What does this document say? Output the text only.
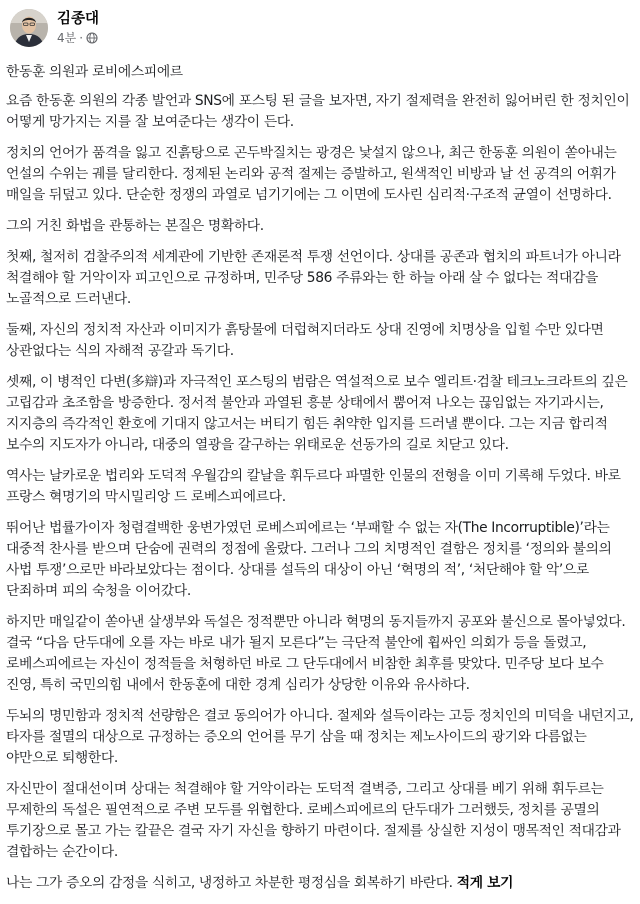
김종대
4분 ·

한동훈 의원과 로비에스피에르

요즘 한동훈 의원의 각종 발언과 SNS에 포스팅 된 글을 보자면, 자기 절제력을 완전히 잃어버린 한 정치인이 어떻게 망가지는 지를 잘 보여준다는 생각이 든다.

정치의 언어가 품격을 잃고 진흙탕으로 곤두박질치는 광경은 낯설지 않으나, 최근 한동훈 의원이 쏟아내는 언설의 수위는 궤를 달리한다. 정제된 논리와 공적 절제는 증발하고, 원색적인 비방과 날 선 공격의 어휘가 매일을 뒤덮고 있다. 단순한 정쟁의 과열로 넘기기에는 그 이면에 도사린 심리적·구조적 균열이 선명하다.

그의 거친 화법을 관통하는 본질은 명확하다.

첫째, 철저히 검찰주의적 세계관에 기반한 존재론적 투쟁 선언이다. 상대를 공존과 협치의 파트너가 아니라 척결해야 할 거악이자 피고인으로 규정하며, 민주당 586 주류와는 한 하늘 아래 살 수 없다는 적대감을 노골적으로 드러낸다.

둘째, 자신의 정치적 자산과 이미지가 흙탕물에 더럽혀지더라도 상대 진영에 치명상을 입힐 수만 있다면 상관없다는 식의 자해적 공갈과 독기다.

셋째, 이 병적인 다변(多辯)과 자극적인 포스팅의 범람은 역설적으로 보수 엘리트·검찰 테크노크라트의 깊은 고립감과 초조함을 방증한다. 정서적 불안과 과열된 흥분 상태에서 뿜어져 나오는 끊임없는 자기과시는, 지지층의 즉각적인 환호에 기대지 않고서는 버티기 힘든 취약한 입지를 드러낼 뿐이다. 그는 지금 합리적 보수의 지도자가 아니라, 대중의 열광을 갈구하는 위태로운 선동가의 길로 치닫고 있다.

역사는 날카로운 법리와 도덕적 우월감의 칼날을 휘두르다 파멸한 인물의 전형을 이미 기록해 두었다. 바로 프랑스 혁명기의 막시밀리앙 드 로베스피에르다.

뛰어난 법률가이자 청렴결백한 웅변가였던 로베스피에르는 ‘부패할 수 없는 자(The Incorruptible)’라는 대중적 찬사를 받으며 단숨에 권력의 정점에 올랐다. 그러나 그의 치명적인 결함은 정치를 ‘정의와 불의의 사법 투쟁’으로만 바라보았다는 점이다. 상대를 설득의 대상이 아닌 ‘혁명의 적’, ‘처단해야 할 악’으로 단죄하며 피의 숙청을 이어갔다.

하지만 매일같이 쏟아낸 살생부와 독설은 정적뿐만 아니라 혁명의 동지들까지 공포와 불신으로 몰아넣었다. 결국 “다음 단두대에 오를 자는 바로 내가 될지 모른다”는 극단적 불안에 휩싸인 의회가 등을 돌렸고, 로베스피에르는 자신이 정적들을 처형하던 바로 그 단두대에서 비참한 최후를 맞았다. 민주당 보다 보수 진영, 특히 국민의힘 내에서 한동훈에 대한 경계 심리가 상당한 이유와 유사하다.

두뇌의 명민함과 정치적 선량함은 결코 동의어가 아니다. 절제와 설득이라는 고등 정치인의 미덕을 내던지고, 타자를 절멸의 대상으로 규정하는 증오의 언어를 무기 삼을 때 정치는 제노사이드의 광기와 다름없는 야만으로 퇴행한다.

자신만이 절대선이며 상대는 척결해야 할 거악이라는 도덕적 결벽증, 그리고 상대를 베기 위해 휘두르는 무제한의 독설은 필연적으로 주변 모두를 위협한다. 로베스피에르의 단두대가 그러했듯, 정치를 공멸의 투기장으로 몰고 가는 칼끝은 결국 자기 자신을 향하기 마련이다. 절제를 상실한 지성이 맹목적인 적대감과 결합하는 순간이다.

나는 그가 증오의 감정을 식히고, 냉정하고 차분한 평정심을 회복하기 바란다. 적게 보기
